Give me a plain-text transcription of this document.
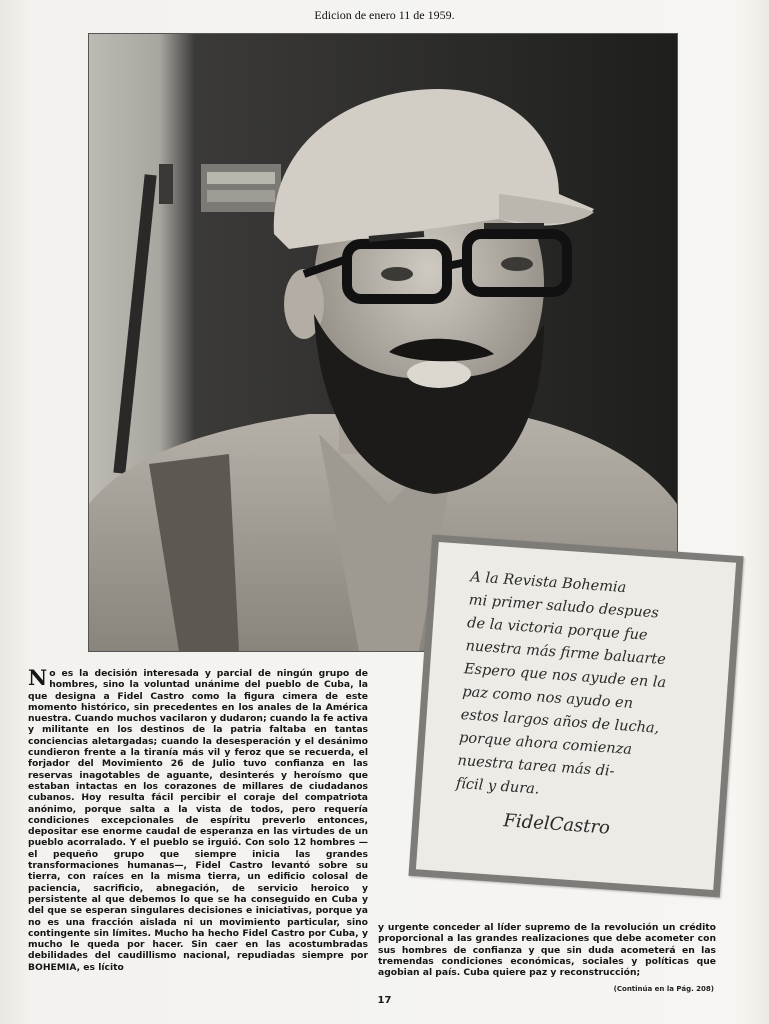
Edicion de enero 11 de 1959.
No es la decisión interesada y parcial de ningún grupo de hombres, sino la voluntad unánime del pueblo de Cuba, la que designa a Fidel Castro como la figura cimera de este momento histórico, sin precedentes en los anales de la América nuestra. Cuando muchos vacilaron y dudaron; cuando la fe activa y militante en los destinos de la patria faltaba en tantas conciencias aletargadas; cuando la desesperación y el desánimo cundieron frente a la tiranía más vil y feroz que se recuerda, el forjador del Movimiento 26 de Julio tuvo confianza en las reservas inagotables de aguante, desinterés y heroísmo que estaban intactas en los corazones de millares de ciudadanos cubanos. Hoy resulta fácil percibir el coraje del compatriota anónimo, porque salta a la vista de todos, pero requería condiciones excepcionales de espíritu preverlo entonces, depositar ese enorme caudal de esperanza en las virtudes de un pueblo acorralado. Y el pueblo se irguió. Con solo 12 hombres —el pequeño grupo que siempre inicia las grandes transformaciones humanas—, Fidel Castro levantó sobre su tierra, con raíces en la misma tierra, un edificio colosal de paciencia, sacrificio, abnegación, de servicio heroico y persistente al que debemos lo que se ha conseguido en Cuba y del que se esperan singulares decisiones e iniciativas, porque ya no es una fracción aislada ni un movimiento particular, sino contingente sin límites. Mucho ha hecho Fidel Castro por Cuba, y mucho le queda por hacer. Sin caer en las acostumbradas debilidades del caudillismo nacional, repudiadas siempre por BOHEMIA, es lícito
A la Revista Bohemia
mi primer saludo despues
de la victoria porque fue
nuestra más firme baluarte
Espero que nos ayude en la
paz como nos ayudo en
estos largos años de lucha,
porque ahora comienza
nuestra tarea más di-
fícil y dura.
FidelCastro
y urgente conceder al líder supremo de la revolución un crédito proporcional a las grandes realizaciones que debe acometer con sus hombres de confianza y que sin duda acometerá en las tremendas condiciones económicas, sociales y políticas que agobian al país. Cuba quiere paz y reconstrucción;
(Continúa en la Pág. 208)
17
